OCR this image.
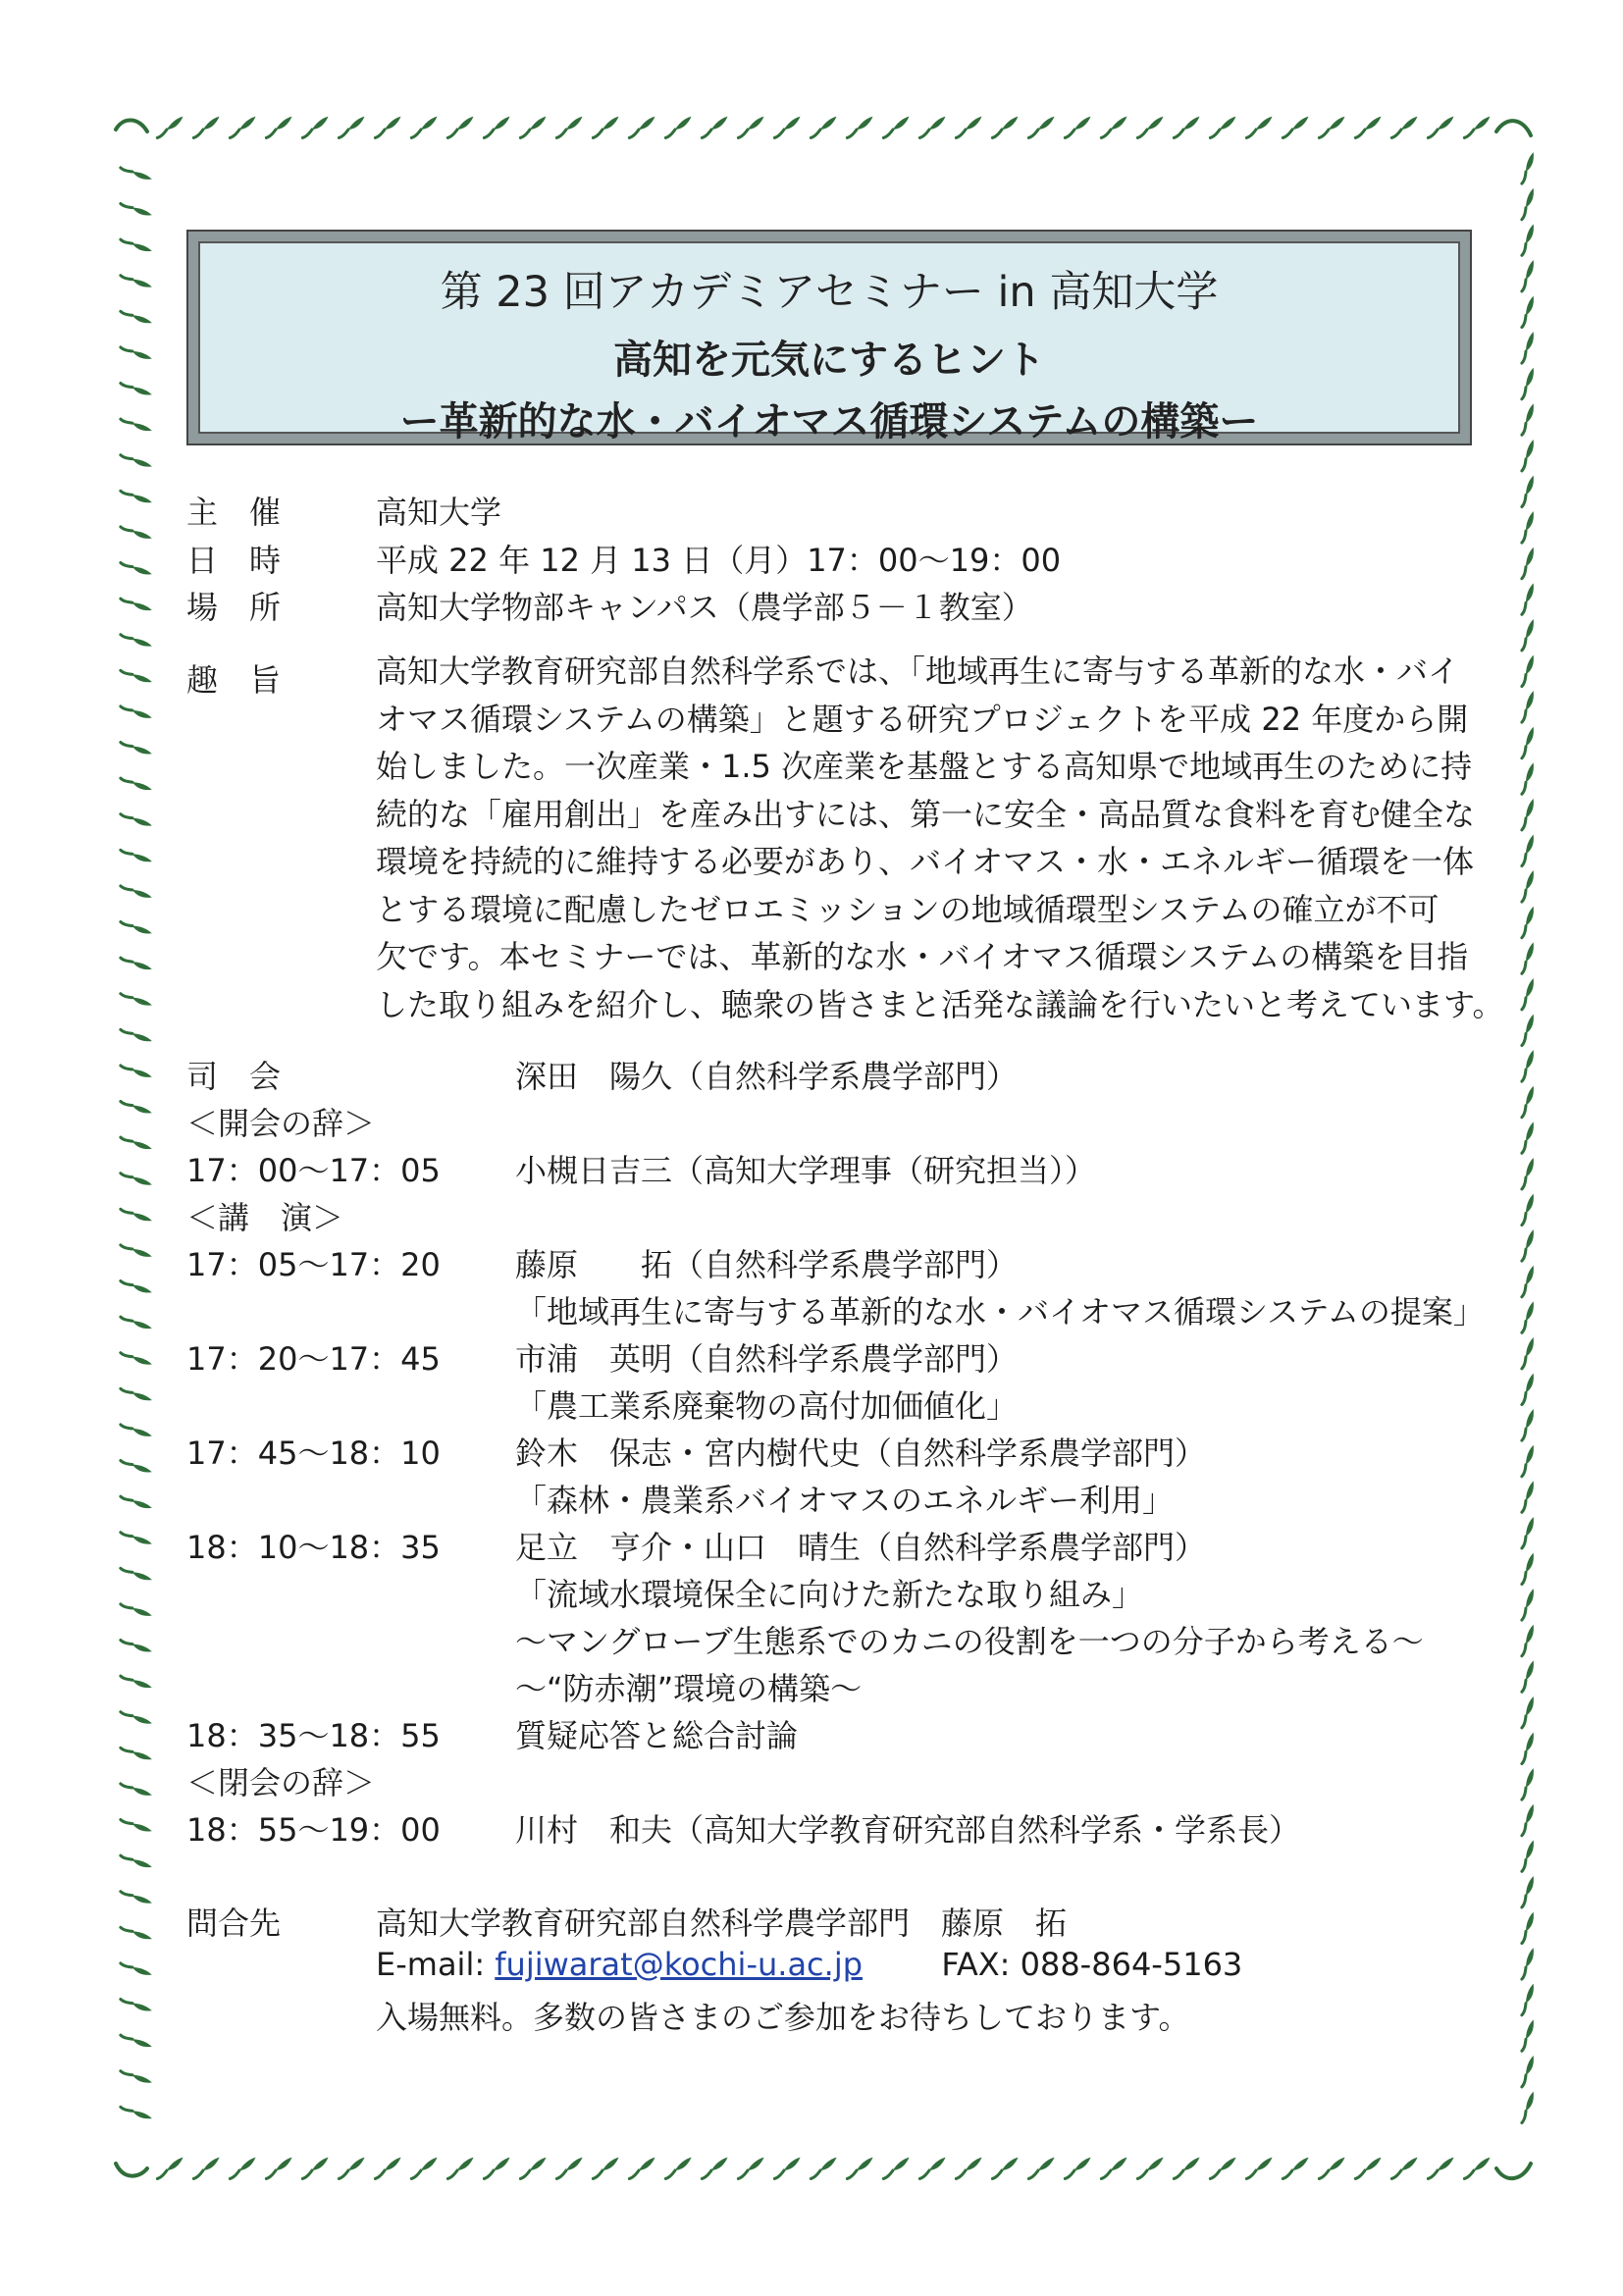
第 23 回アカデミアセミナー in 高知大学
高知を元気にするヒント
ー革新的な水・バイオマス循環システムの構築ー
主　催	高知大学
日　時	平成 22 年 12 月 13 日（月）17：00〜19：00
場　所	高知大学物部キャンパス（農学部５－１教室）
趣　旨	高知大学教育研究部自然科学系では、「地域再生に寄与する革新的な水・バイ

オマス循環システムの構築」と題する研究プロジェクトを平成 22 年度から開

始しました。一次産業・1.5 次産業を基盤とする高知県で地域再生のために持

続的な「雇用創出」を産み出すには、第一に安全・高品質な食料を育む健全な

環境を持続的に維持する必要があり、バイオマス・水・エネルギー循環を一体

とする環境に配慮したゼロエミッションの地域循環型システムの確立が不可

欠です。本セミナーでは、革新的な水・バイオマス循環システムの構築を目指

した取り組みを紹介し、聴衆の皆さまと活発な議論を行いたいと考えています。

司　会	深田　陽久（自然科学系農学部門）
＜開会の辞＞
17：00〜17：05 小槻日吉三（高知大学理事（研究担当））
＜講　演＞
17：05〜17：20 藤原　　拓（自然科学系農学部門）
「地域再生に寄与する革新的な水・バイオマス循環システムの提案」
17：20〜17：45 市浦　英明（自然科学系農学部門）
「農工業系廃棄物の高付加価値化」
17：45〜18：10 鈴木　保志・宮内樹代史（自然科学系農学部門）
「森林・農業系バイオマスのエネルギー利用」
18：10〜18：35 足立　亨介・山口　晴生（自然科学系農学部門）
「流域水環境保全に向けた新たな取り組み」
〜マングローブ生態系でのカニの役割を一つの分子から考える〜
〜“防赤潮”環境の構築〜
18：35〜18：55 質疑応答と総合討論
＜閉会の辞＞
18：55〜19：00 川村　和夫（高知大学教育研究部自然科学系・学系長）
問合先	高知大学教育研究部自然科学農学部門　藤原　拓
E-mail: fujiwarat@kochi-u.ac.jp	FAX: 088-864-5163
入場無料。多数の皆さまのご参加をお待ちしております。
